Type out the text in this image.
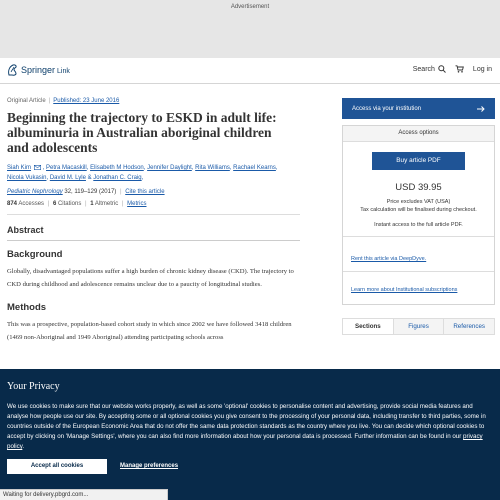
Advertisement
Springer Link	Search	Log in
Original Article | Published: 23 June 2016
Beginning the trajectory to ESKD in adult life: albuminuria in Australian aboriginal children and adolescents
Siah Kim , Petra Macaskill, Elisabeth M Hodson, Jennifer Daylight, Rita Williams, Rachael Kearns, Nicola Vukasin, David M. Lyle & Jonathan C. Craig,
Pediatric Nephrology 32, 119–129 (2017) | Cite this article
874 Accesses | 6 Citations | 1 Altmetric | Metrics
Abstract
Background

Globally, disadvantaged populations suffer a high burden of chronic kidney disease (CKD). The trajectory to CKD during childhood and adolescence remains unclear due to a paucity of longitudinal studies.

Methods

This was a prospective, population-based cohort study in which since 2002 we have followed 3418 children (1469 non-Aboriginal and 1949 Aboriginal) attending participating schools across

Access via your institution
Access options
Buy article PDF
USD 39.95
Price excludes VAT (USA)
Tax calculation will be finalised during checkout.
Instant access to the full article PDF.
Rent this article via DeepDyve.
Learn more about Institutional subscriptions
Sections	Figures	References
Your Privacy
We use cookies to make sure that our website works properly, as well as some 'optional' cookies to personalise content and advertising, provide social media features and analyse how people use our site. By accepting some or all optional cookies you give consent to the processing of your personal data, including transfer to third parties, some in countries outside of the European Economic Area that do not offer the same data protection standards as the country where you live. You can decide which optional cookies to accept by clicking on 'Manage Settings', where you can also find more information about how your personal data is processed. Further information can be found in our privacy policy.
Accept all cookies	Manage preferences
Waiting for delivery.pbgrd.com...
